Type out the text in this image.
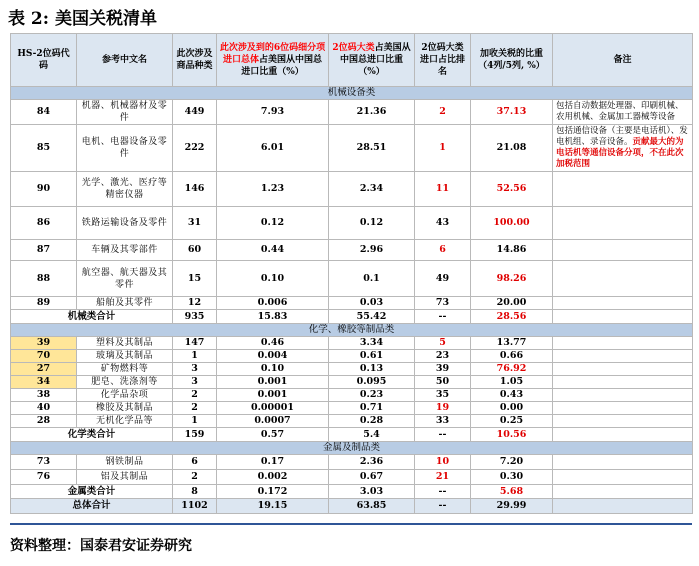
表 2: 美国关税清单
HS-2位码代码	参考中文名	此次涉及商品种类	此次涉及到的6位码细分项进口总体占美国从中国总进口比重（%）	2位码大类占美国从中国总进口比重（%）	2位码大类进口占比排名	加收关税的比重（4列/5列, %）	备注
机械设备类							
84	机器、机械器材及零件	449	7.93	21.36	2	37.13	包括自动数据处理器、印刷机械、农用机械、金属加工器械等设备
85	电机、电器设备及零件	222	6.01	28.51	1	21.08	包括通信设备（主要是电话机）、发电机组、录音设备。贡献最大的为电话机等通信设备分项，不在此次加税范围
90	光学、激光、医疗等精密仪器	146	1.23	2.34	11	52.56	
86	铁路运输设备及零件	31	0.12	0.12	43	100.00	
87	车辆及其零部件	60	0.44	2.96	6	14.86	
88	航空器、航天器及其零件	15	0.10	0.1	49	98.26	
89	船舶及其零件	12	0.006	0.03	73	20.00	
机械类合计		935	15.83	55.42	--	28.56	
化学、橡胶等制品类							
39	塑料及其制品	147	0.46	3.34	5	13.77	
70	玻璃及其制品	1	0.004	0.61	23	0.66	
27	矿物燃料等	3	0.10	0.13	39	76.92	
34	肥皂、洗涤剂等	3	0.001	0.095	50	1.05	
38	化学品杂项	2	0.001	0.23	35	0.43	
40	橡胶及其制品	2	0.00001	0.71	19	0.00	
28	无机化学品等	1	0.0007	0.28	33	0.25	
化学类合计		159	0.57	5.4	--	10.56	
金属及制品类							
73	钢铁制品	6	0.17	2.36	10	7.20	
76	铝及其制品	2	0.002	0.67	21	0.30	
金属类合计		8	0.172	3.03	--	5.68	
总体合计		1102	19.15	63.85	--	29.99	
资料整理：国泰君安证券研究
